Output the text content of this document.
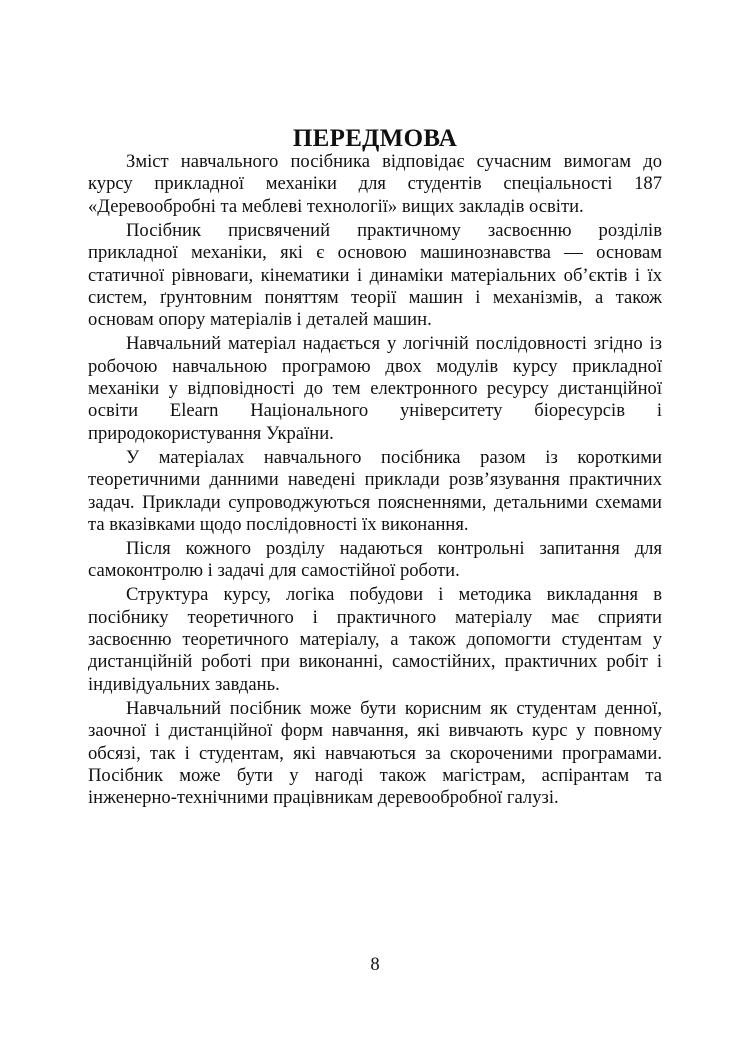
ПЕРЕДМОВА

Зміст навчального посібника відповідає сучасним вимогам до курсу прикладної механіки для студентів спеціальності 187 «Деревообробні та меблеві технології» вищих закладів освіти.

Посібник присвячений практичному засвоєнню розділів прикладної механіки, які є основою машинознавства — основам статичної рівноваги, кінематики і динаміки матеріальних об’єктів і їх систем, ґрунтовним поняттям теорії машин і механізмів, а також основам опору матеріалів і деталей машин.

Навчальний матеріал надається у логічній послідовності згідно із робочою навчальною програмою двох модулів курсу прикладної механіки у відповідності до тем електронного ресурсу дистанційної освіти Elearn Національного університету біоресурсів і природокористування України.

У матеріалах навчального посібника разом із короткими теоретичними данними наведені приклади розв’язування практичних задач. Приклади супроводжуються поясненнями, детальними схемами та вказівками щодо послідовності їх виконання.

Після кожного розділу надаються контрольні запитання для самоконтролю і задачі для самостійної роботи.

Структура курсу, логіка побудови і методика викладання в посібнику теоретичного і практичного матеріалу має сприяти засвоєнню теоретичного матеріалу, а також допомогти студентам у дистанційній роботі при виконанні, самостійних, практичних робіт і індивідуальних завдань.

Навчальний посібник може бути корисним як студентам денної, заочної і дистанційної форм навчання, які вивчають курс у повному обсязі, так і студентам, які навчаються за скороченими програмами. Посібник може бути у нагоді також магістрам, аспірантам та інженерно-технічними працівникам деревообробної галузі.

8
